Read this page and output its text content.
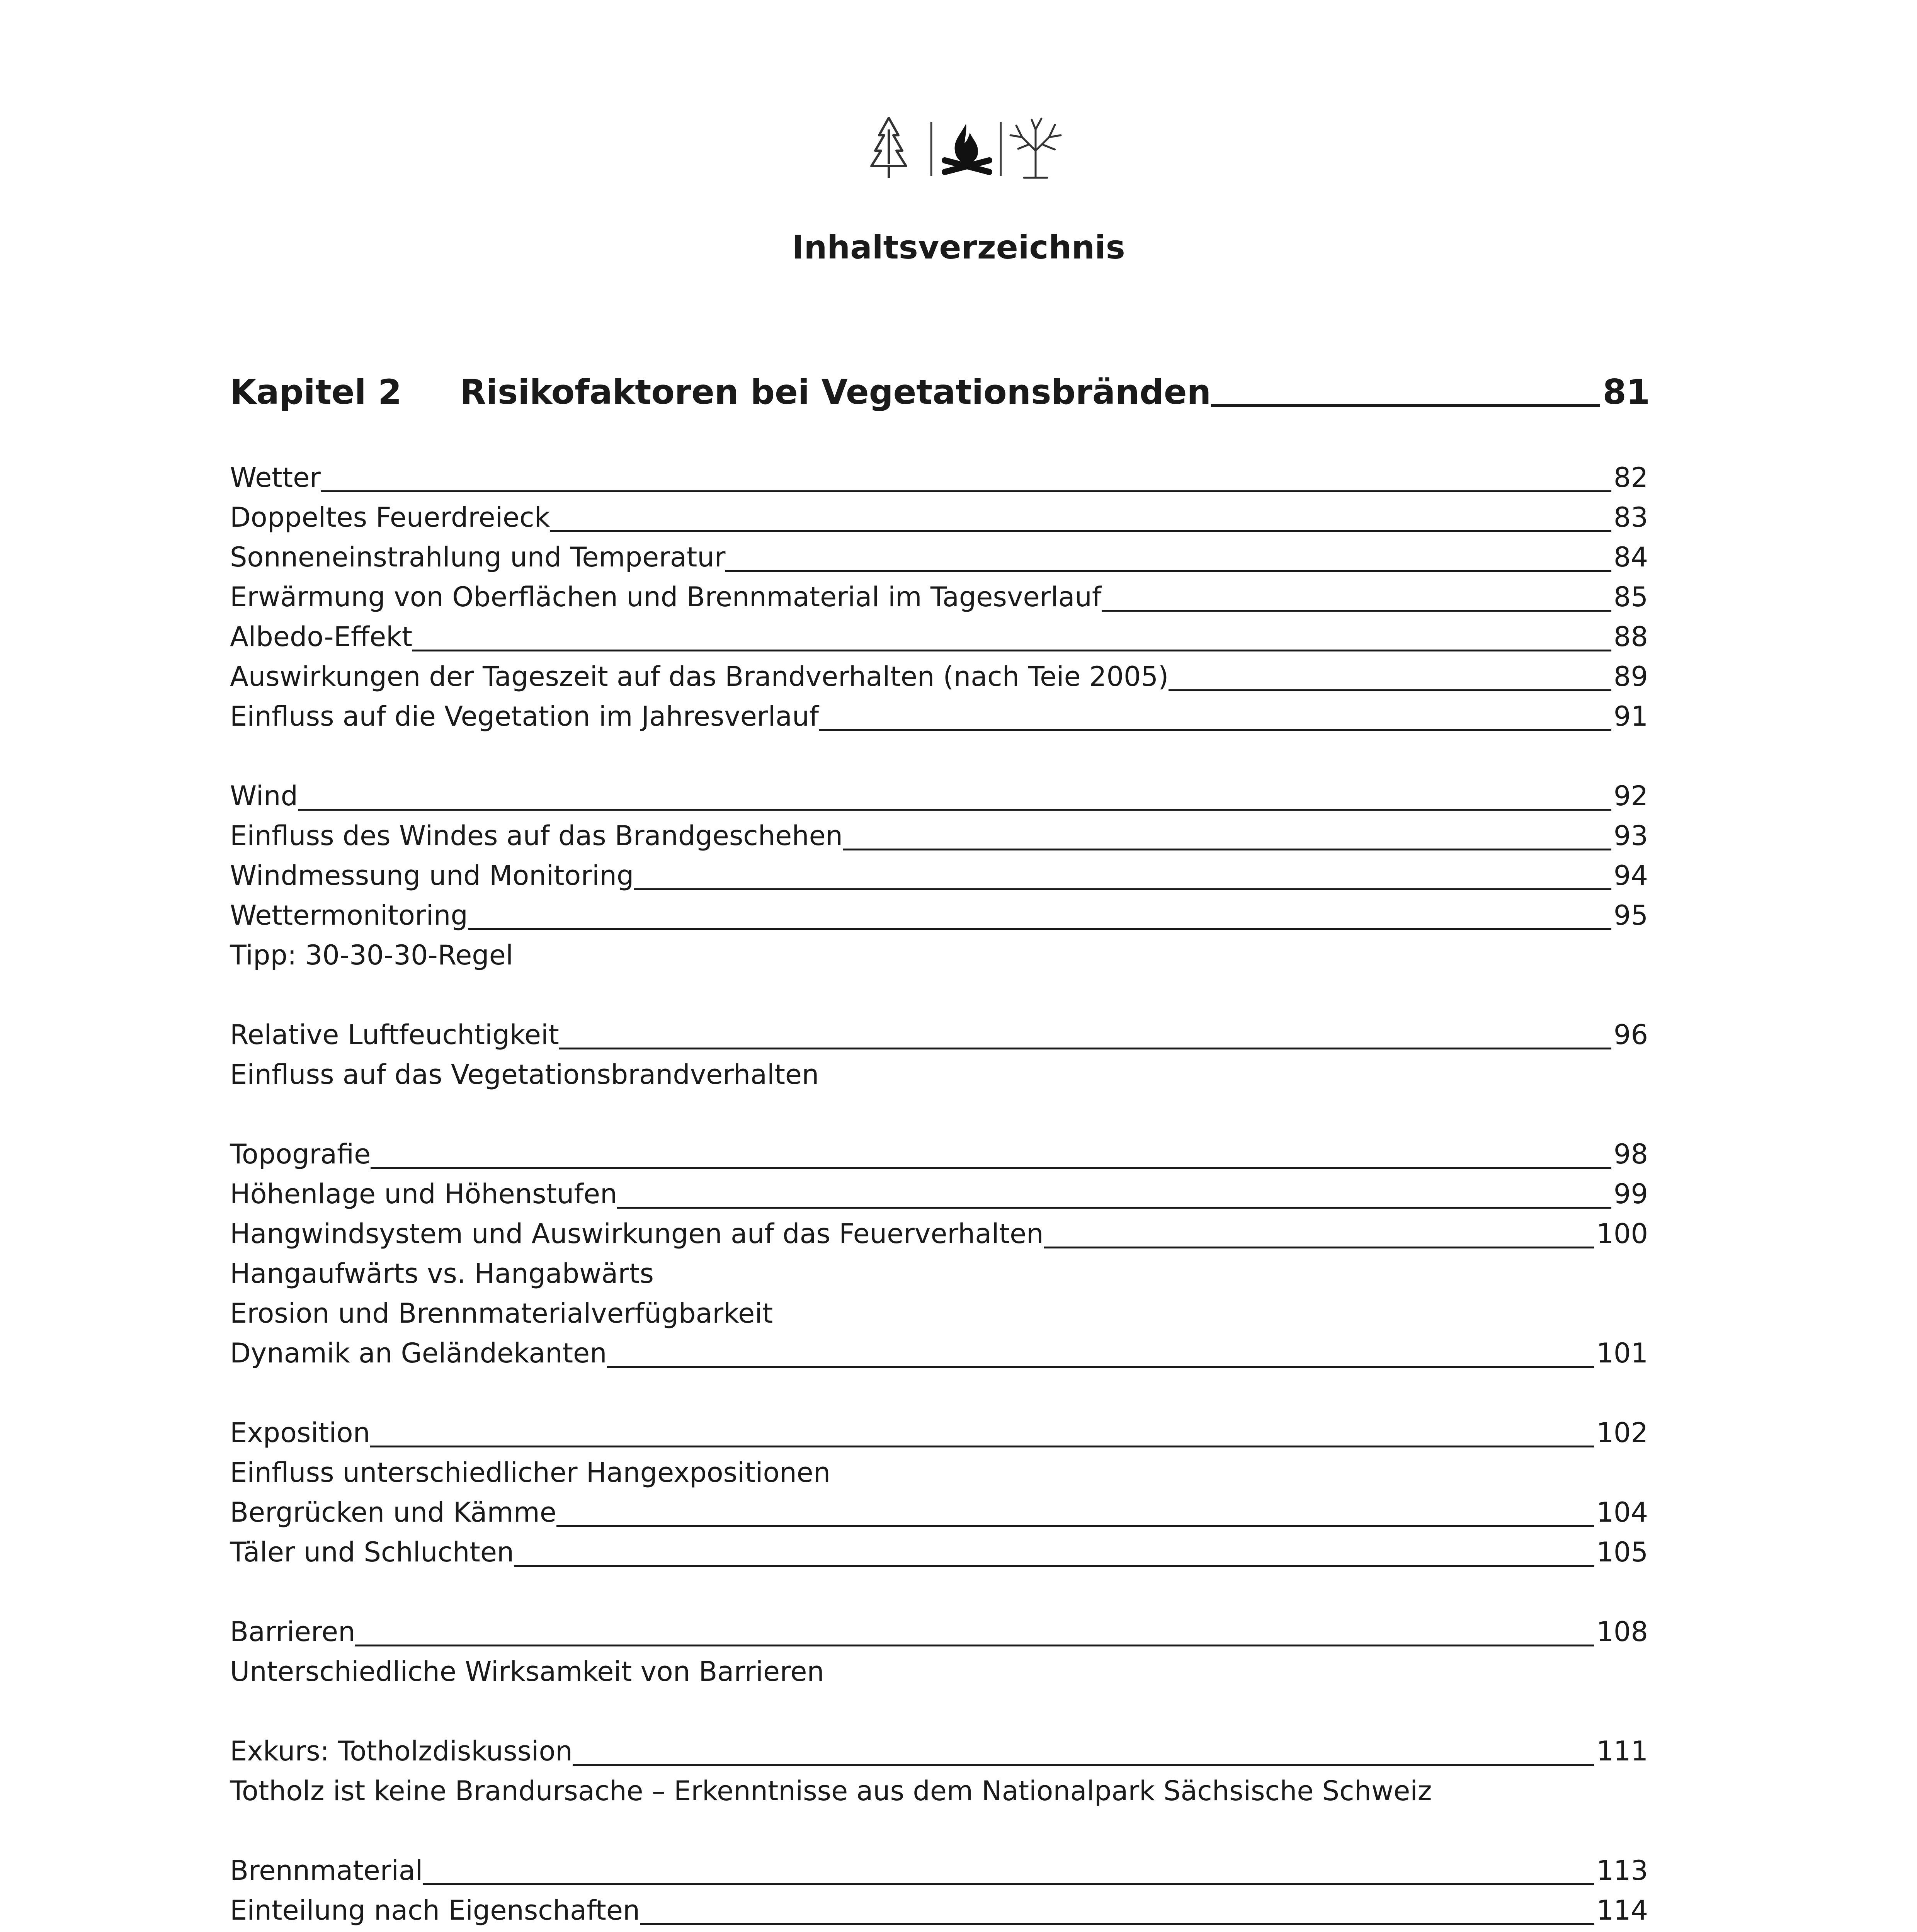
Inhaltsverzeichnis
Kapitel 2 Risikofaktoren bei Vegetationsbränden	81
Wetter	82
Doppeltes Feuerdreieck	83
Sonneneinstrahlung und Temperatur	84
Erwärmung von Oberflächen und Brennmaterial im Tagesverlauf	85
Albedo-Effekt	88
Auswirkungen der Tageszeit auf das Brandverhalten (nach Teie 2005)	89
Einfluss auf die Vegetation im Jahresverlauf	91
Wind	92
Einfluss des Windes auf das Brandgeschehen	93
Windmessung und Monitoring	94
Wettermonitoring	95
Tipp: 30-30-30-Regel
Relative Luftfeuchtigkeit	96
Einfluss auf das Vegetationsbrandverhalten
Topografie	98
Höhenlage und Höhenstufen	99
Hangwindsystem und Auswirkungen auf das Feuerverhalten	100
Hangaufwärts vs. Hangabwärts
Erosion und Brennmaterialverfügbarkeit
Dynamik an Geländekanten	101
Exposition	102
Einfluss unterschiedlicher Hangexpositionen
Bergrücken und Kämme	104
Täler und Schluchten	105
Barrieren	108
Unterschiedliche Wirksamkeit von Barrieren
Exkurs: Totholzdiskussion	111
Totholz ist keine Brandursache – Erkenntnisse aus dem Nationalpark Sächsische Schweiz
Brennmaterial	113
Einteilung nach Eigenschaften	114
